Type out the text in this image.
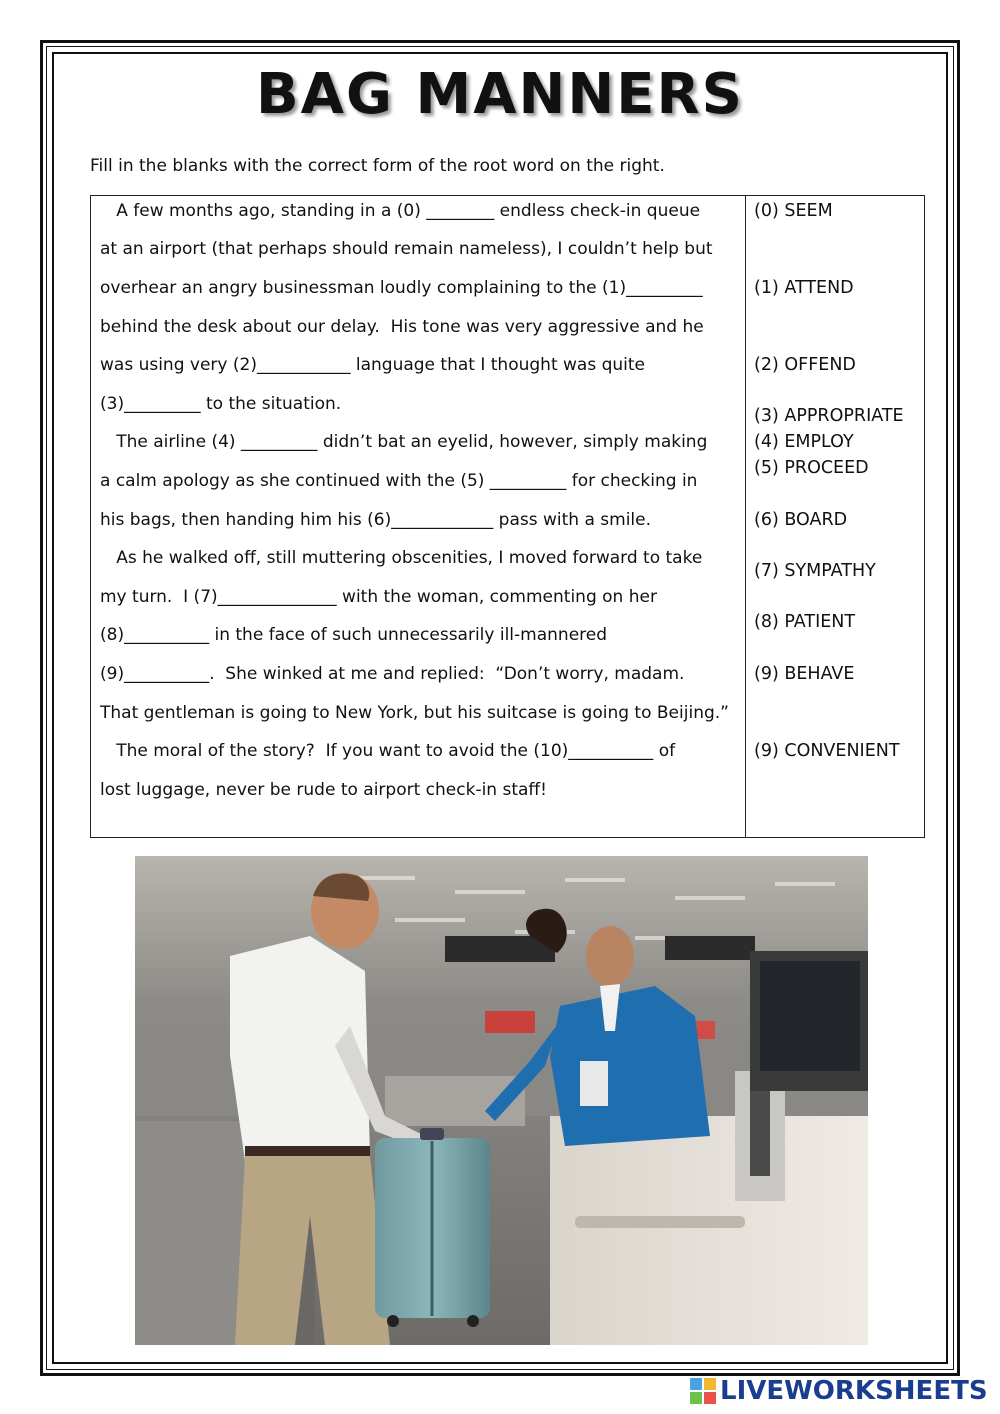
BAG MANNERS

Fill in the blanks with the correct form of the root word on the right.

A few months ago, standing in a (0) ________ endless check-in queue
at an airport (that perhaps should remain nameless), I couldn’t help but
overhear an angry businessman loudly complaining to the (1)_________
behind the desk about our delay.  His tone was very aggressive and he
was using very (2)___________ language that I thought was quite
(3)_________ to the situation.
The airline (4) _________ didn’t bat an eyelid, however, simply making
a calm apology as she continued with the (5) _________ for checking in
his bags, then handing him his (6)____________ pass with a smile.
As he walked off, still muttering obscenities, I moved forward to take
my turn.  I (7)______________ with the woman, commenting on her
(8)__________ in the face of such unnecessarily ill-mannered
(9)__________.  She winked at me and replied:  “Don’t worry, madam.
That gentleman is going to New York, but his suitcase is going to Beijing.”
The moral of the story?  If you want to avoid the (10)__________ of
lost luggage, never be rude to airport check-in staff!
(0) SEEM
(1) ATTEND
(2) OFFEND
(3) APPROPRIATE
(4) EMPLOY
(5) PROCEED
(6) BOARD
(7) SYMPATHY
(8) PATIENT
(9) BEHAVE
(9) CONVENIENT
LIVEWORKSHEETS
